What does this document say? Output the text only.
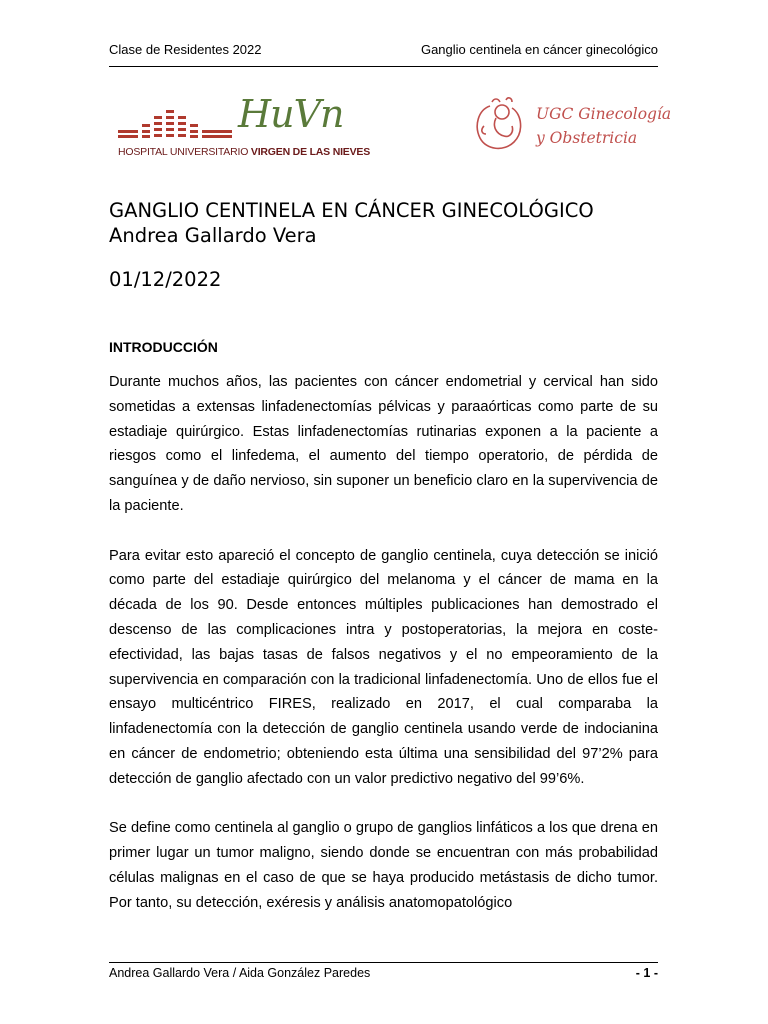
Clase de Residentes 2022	Ganglio centinela en cáncer ginecológico
HuVn
HOSPITAL UNIVERSITARIO VIRGEN DE LAS NIEVES
UGC Ginecología
y Obstetricia
GANGLIO CENTINELA EN CÁNCER GINECOLÓGICO
Andrea Gallardo Vera
01/12/2022
INTRODUCCIÓN

Durante muchos años, las pacientes con cáncer endometrial y cervical han sido sometidas a extensas linfadenectomías pélvicas y paraaórticas como parte de su estadiaje quirúrgico. Estas linfadenectomías rutinarias exponen a la paciente a riesgos como el linfedema, el aumento del tiempo operatorio, de pérdida de sanguínea y de daño nervioso, sin suponer un beneficio claro en la supervivencia de la paciente.

Para evitar esto apareció el concepto de ganglio centinela, cuya detección se inició como parte del estadiaje quirúrgico del melanoma y el cáncer de mama en la década de los 90. Desde entonces múltiples publicaciones han demostrado el descenso de las complicaciones intra y postoperatorias, la mejora en coste-efectividad, las bajas tasas de falsos negativos y el no empeoramiento de la supervivencia en comparación con la tradicional linfadenectomía. Uno de ellos fue el ensayo multicéntrico FIRES, realizado en 2017, el cual comparaba la linfadenectomía con la detección de ganglio centinela usando verde de indocianina en cáncer de endometrio; obteniendo esta última una sensibilidad del 97’2% para detección de ganglio afectado con un valor predictivo negativo del 99’6%.

Se define como centinela al ganglio o grupo de ganglios linfáticos a los que drena en primer lugar un tumor maligno, siendo donde se encuentran con más probabilidad células malignas en el caso de que se haya producido metástasis de dicho tumor. Por tanto, su detección, exéresis y análisis anatomopatológico

Andrea Gallardo Vera / Aida González Paredes	- 1 -
